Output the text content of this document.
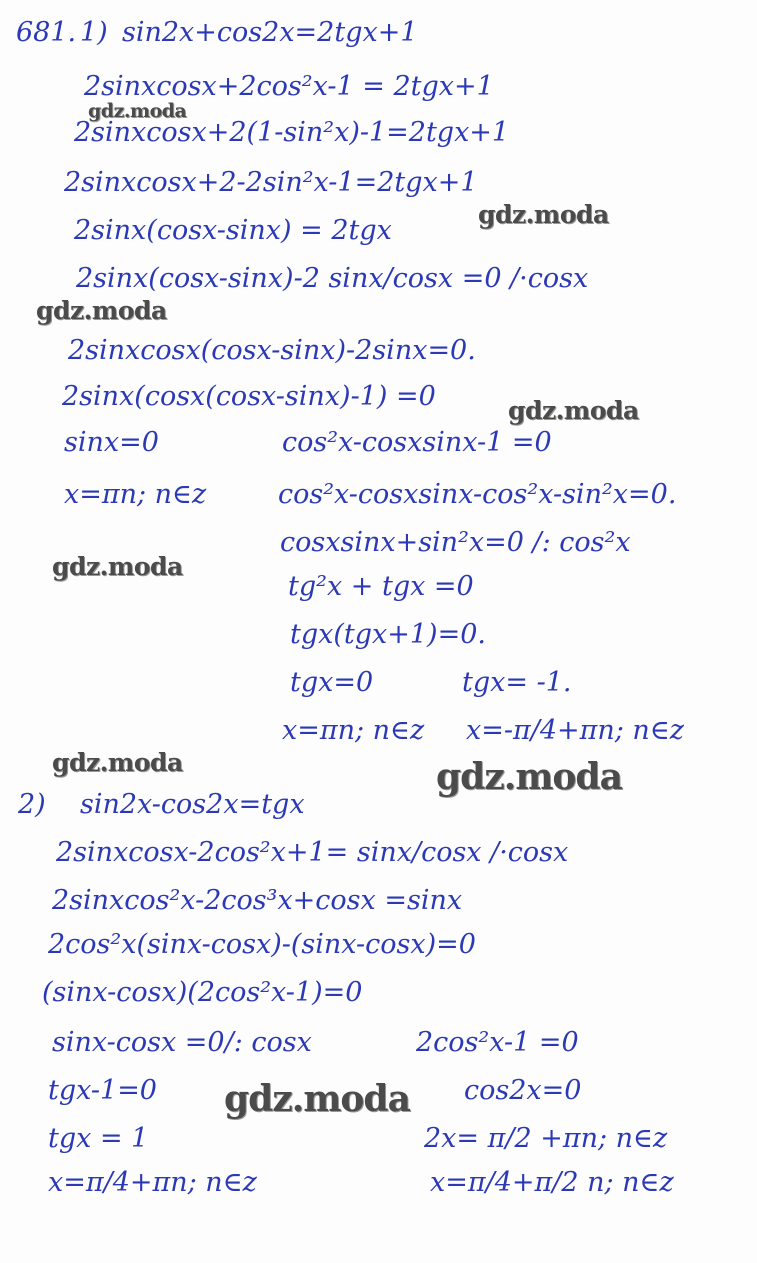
681. 1) sin2x+cos2x=2tgx+1
2sinxcosx+2cos²x-1 = 2tgx+1
2sinxcosx+2(1-sin²x)-1=2tgx+1
2sinxcosx+2-2sin²x-1=2tgx+1
2sinx(cosx-sinx) = 2tgx
2sinx(cosx-sinx)-2 sinx/cosx =0 /·cosx
2sinxcosx(cosx-sinx)-2sinx=0.
2sinx(cosx(cosx-sinx)-1) =0
sinx=0
x=πn; n∈z
cos²x-cosxsinx-1 =0
cos²x-cosxsinx-cos²x-sin²x=0.
cosxsinx+sin²x=0 /: cos²x
tg²x + tgx =0
tgx(tgx+1)=0.
tgx=0
x=πn; n∈z
tgx= -1.
x=-π/4+πn; n∈z
2) sin2x-cos2x=tgx
2sinxcosx-2cos²x+1= sinx/cosx /·cosx
2sinxcos²x-2cos³x+cosx =sinx
2cos²x(sinx-cosx)-(sinx-cosx)=0
(sinx-cosx)(2cos²x-1)=0
sinx-cosx =0/: cosx
tgx-1=0
tgx = 1
x=π/4+πn; n∈z
2cos²x-1 =0
cos2x=0
2x= π/2 +πn; n∈z
x=π/4+π/2 n; n∈z
gdz.moda
gdz.moda
gdz.moda
gdz.moda
gdz.moda
gdz.moda	gdz.moda
gdz.moda
